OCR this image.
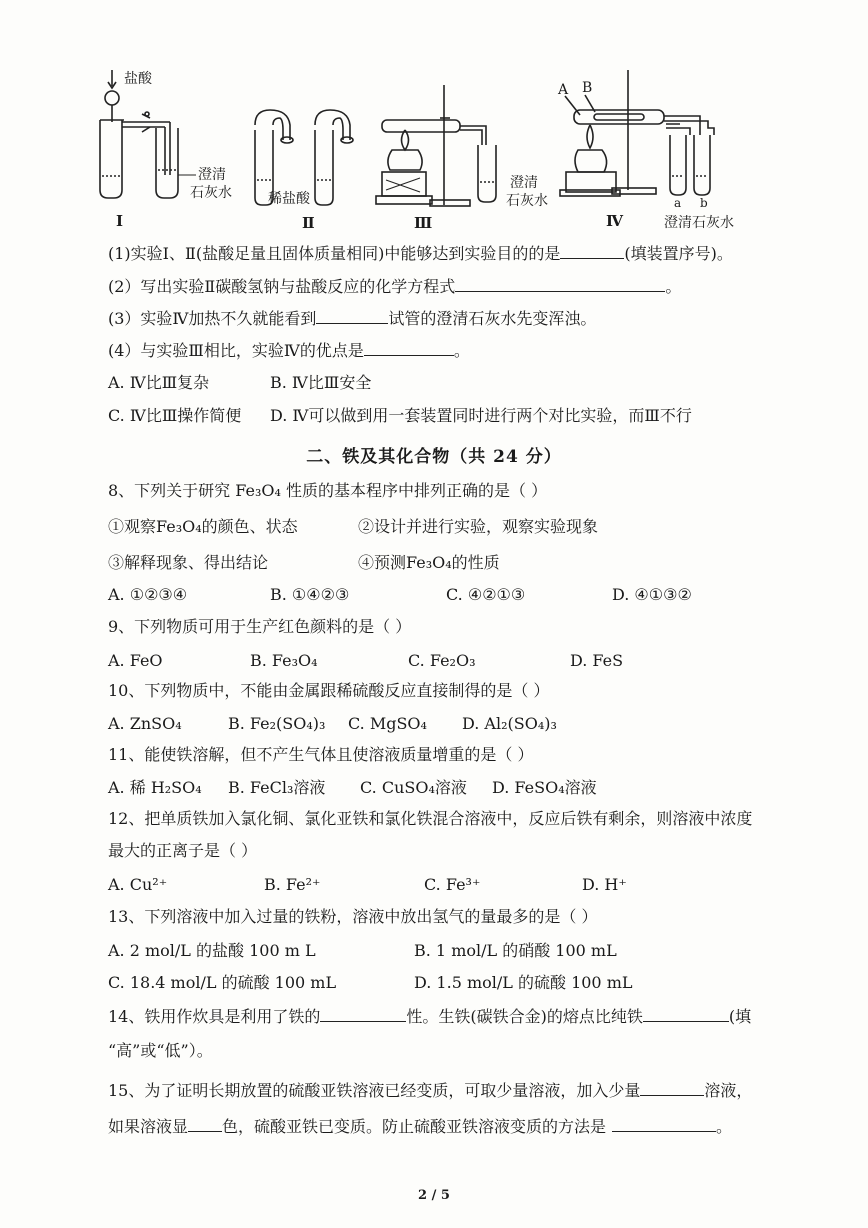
盐酸
澄清
石灰水	稀盐酸
澄清
石灰水
A B
a b
澄清石灰水
Ⅰ	Ⅱ	Ⅲ	Ⅳ
(1)实验Ⅰ、Ⅱ(盐酸足量且固体质量相同)中能够达到实验目的的是	(填装置序号)。
(2）写出实验Ⅱ碳酸氢钠与盐酸反应的化学方程式	。
(3）实验Ⅳ加热不久就能看到	试管的澄清石灰水先变浑浊。
(4）与实验Ⅲ相比，实验Ⅳ的优点是	。
A. Ⅳ比Ⅲ复杂	B. Ⅳ比Ⅲ安全
C. Ⅳ比Ⅲ操作简便 D. Ⅳ可以做到用一套装置同时进行两个对比实验，而Ⅲ不行
二、铁及其化合物（共 24 分）
8、下列关于研究 Fe₃O₄ 性质的基本程序中排列正确的是（ ）
①观察Fe₃O₄的颜色、状态	②设计并进行实验，观察实验现象
③解释现象、得出结论	④预测Fe₃O₄的性质
A. ①②③④	B. ①④②③	C. ④②①③	D. ④①③②
9、下列物质可用于生产红色颜料的是（ ）
A. FeO	B. Fe₃O₄	C. Fe₂O₃	D. FeS
10、下列物质中，不能由金属跟稀硫酸反应直接制得的是（ ）
A. ZnSO₄	B. Fe₂(SO₄)₃ C. MgSO₄ D. Al₂(SO₄)₃
11、能使铁溶解，但不产生气体且使溶液质量增重的是（ ）
A. 稀 H₂SO₄ B. FeCl₃溶液 C. CuSO₄溶液 D. FeSO₄溶液
12、把单质铁加入氯化铜、氯化亚铁和氯化铁混合溶液中，反应后铁有剩余，则溶液中浓度
最大的正离子是（ ）
A. Cu²⁺	B. Fe²⁺	C. Fe³⁺	D. H⁺
13、下列溶液中加入过量的铁粉，溶液中放出氢气的量最多的是（ ）
A. 2 mol/L 的盐酸 100 m L	B. 1 mol/L 的硝酸 100 mL
C. 18.4 mol/L 的硫酸 100 mL	D. 1.5 mol/L 的硫酸 100 mL
14、铁用作炊具是利用了铁的	性。生铁(碳铁合金)的熔点比纯铁	(填
“高”或“低”）。
15、为了证明长期放置的硫酸亚铁溶液已经变质，可取少量溶液，加入少量	溶液，
如果溶液显 色，硫酸亚铁已变质。防止硫酸亚铁溶液变质的方法是	。
2 / 5
